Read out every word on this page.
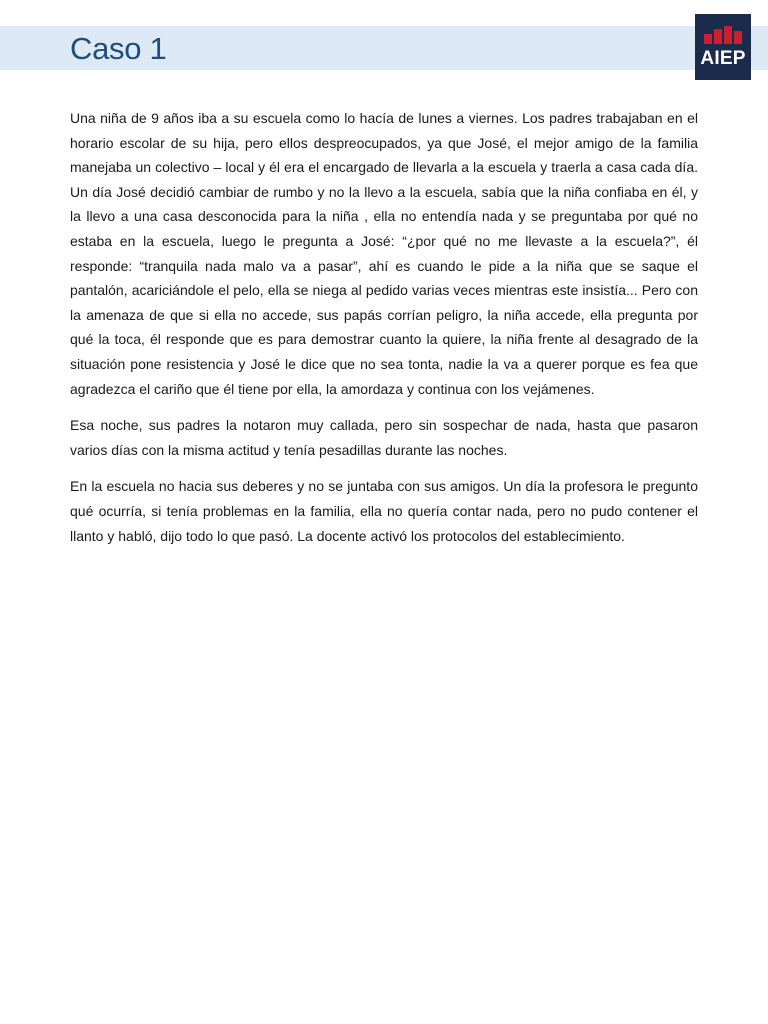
Caso 1	AIEP

Una niña de 9 años iba a su escuela como lo hacía de lunes a viernes. Los padres trabajaban en el horario escolar de su hija, pero ellos despreocupados, ya que José, el mejor amigo de la familia manejaba un colectivo – local y él era el encargado de llevarla a la escuela y traerla a casa cada día. Un día José decidió cambiar de rumbo y no la llevo a la escuela, sabía que la niña confiaba en él, y la llevo a una casa desconocida para la niña , ella no entendía nada y se preguntaba por qué no estaba en la escuela, luego le pregunta a José: “¿por qué no me llevaste a la escuela?”, él responde: “tranquila nada malo va a pasar”, ahí es cuando le pide a la niña que se saque el pantalón, acariciándole el pelo, ella se niega al pedido varias veces mientras este insistía... Pero con la amenaza de que si ella no accede, sus papás corrían peligro, la niña accede, ella pregunta por qué la toca, él responde que es para demostrar cuanto la quiere, la niña frente al desagrado de la situación pone resistencia y José le dice que no sea tonta, nadie la va a querer porque es fea que agradezca el cariño que él tiene por ella, la amordaza y continua con los vejámenes.

Esa noche, sus padres la notaron muy callada, pero sin sospechar de nada, hasta que pasaron varios días con la misma actitud y tenía pesadillas durante las noches.

En la escuela no hacia sus deberes y no se juntaba con sus amigos. Un día la profesora le pregunto qué ocurría, si tenía problemas en la familia, ella no quería contar nada, pero no pudo contener el llanto y habló, dijo todo lo que pasó. La docente activó los protocolos del establecimiento.
